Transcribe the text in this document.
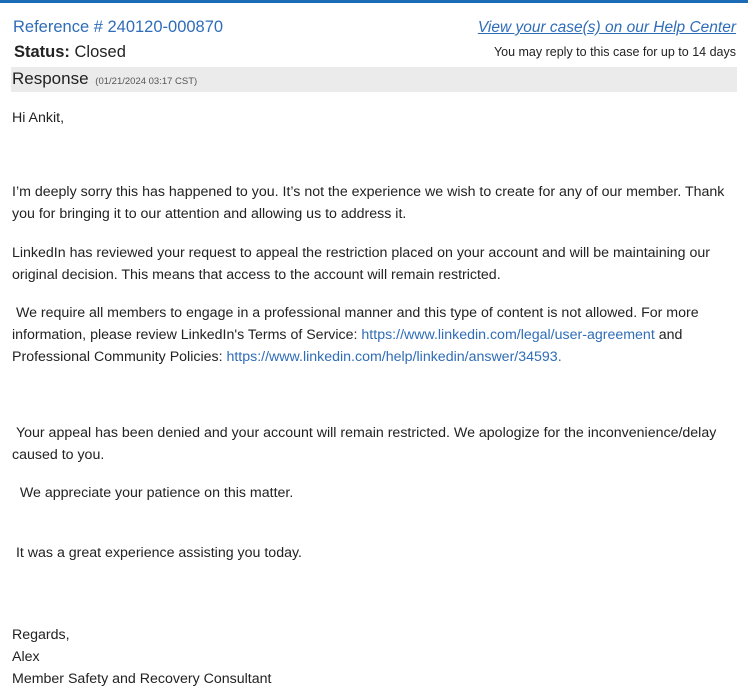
Reference # 240120-000870
Status: Closed
View your case(s) on our Help Center
You may reply to this case for up to 14 days
Response (01/21/2024 03:17 CST)
Hi Ankit,
I’m deeply sorry this has happened to you. It’s not the experience we wish to create for any of our member. Thank you for bringing it to our attention and allowing us to address it.
LinkedIn has reviewed your request to appeal the restriction placed on your account and will be maintaining our original decision. This means that access to the account will remain restricted.
We require all members to engage in a professional manner and this type of content is not allowed. For more information, please review LinkedIn's Terms of Service: https://www.linkedin.com/legal/user-agreement and Professional Community Policies: https://www.linkedin.com/help/linkedin/answer/34593.
Your appeal has been denied and your account will remain restricted. We apologize for the inconvenience/delay caused to you.
We appreciate your patience on this matter.
It was a great experience assisting you today.
Regards,
Alex
Member Safety and Recovery Consultant
